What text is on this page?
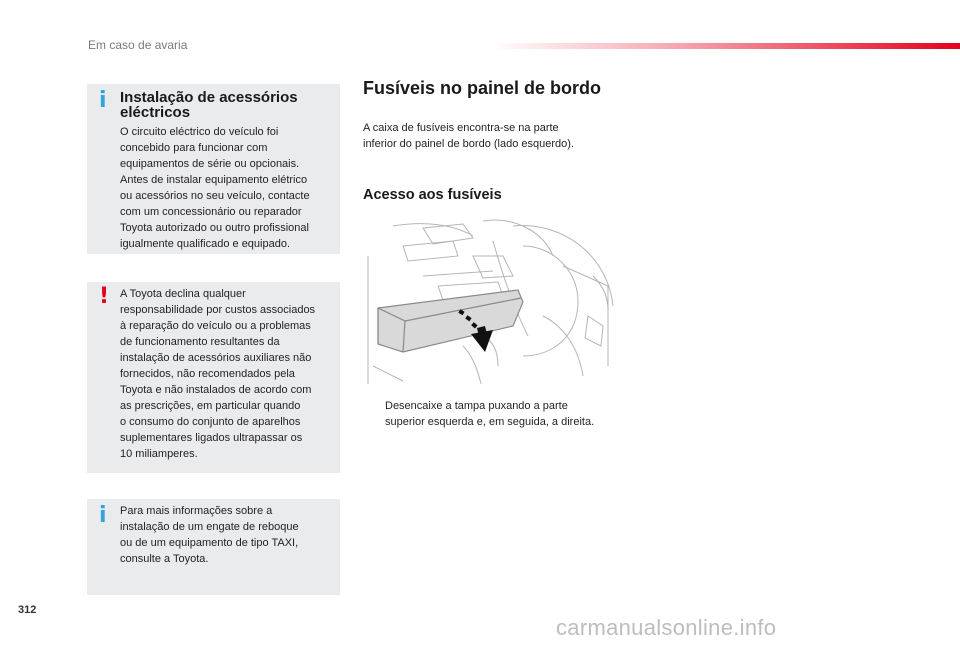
Em caso de avaria
i Instalação de acessórios
eléctricos
O circuito eléctrico do veículo foi
concebido para funcionar com
equipamentos de série ou opcionais.
Antes de instalar equipamento elétrico
ou acessórios no seu veículo, contacte
com um concessionário ou reparador
Toyota autorizado ou outro profissional
igualmente qualificado e equipado.
! A Toyota declina qualquer
responsabilidade por custos associados
à reparação do veículo ou a problemas
de funcionamento resultantes da
instalação de acessórios auxiliares não
fornecidos, não recomendados pela
Toyota e não instalados de acordo com
as prescrições, em particular quando
o consumo do conjunto de aparelhos
suplementares ligados ultrapassar os
10 miliamperes.
i Para mais informações sobre a
instalação de um engate de reboque
ou de um equipamento de tipo TAXI,
consulte a Toyota.
Fusíveis no painel de bordo
A caixa de fusíveis encontra-se na parte
inferior do painel de bordo (lado esquerdo).
Acesso aos fusíveis
Desencaixe a tampa puxando a parte
superior esquerda e, em seguida, a direita.
312
carmanualsonline.info
